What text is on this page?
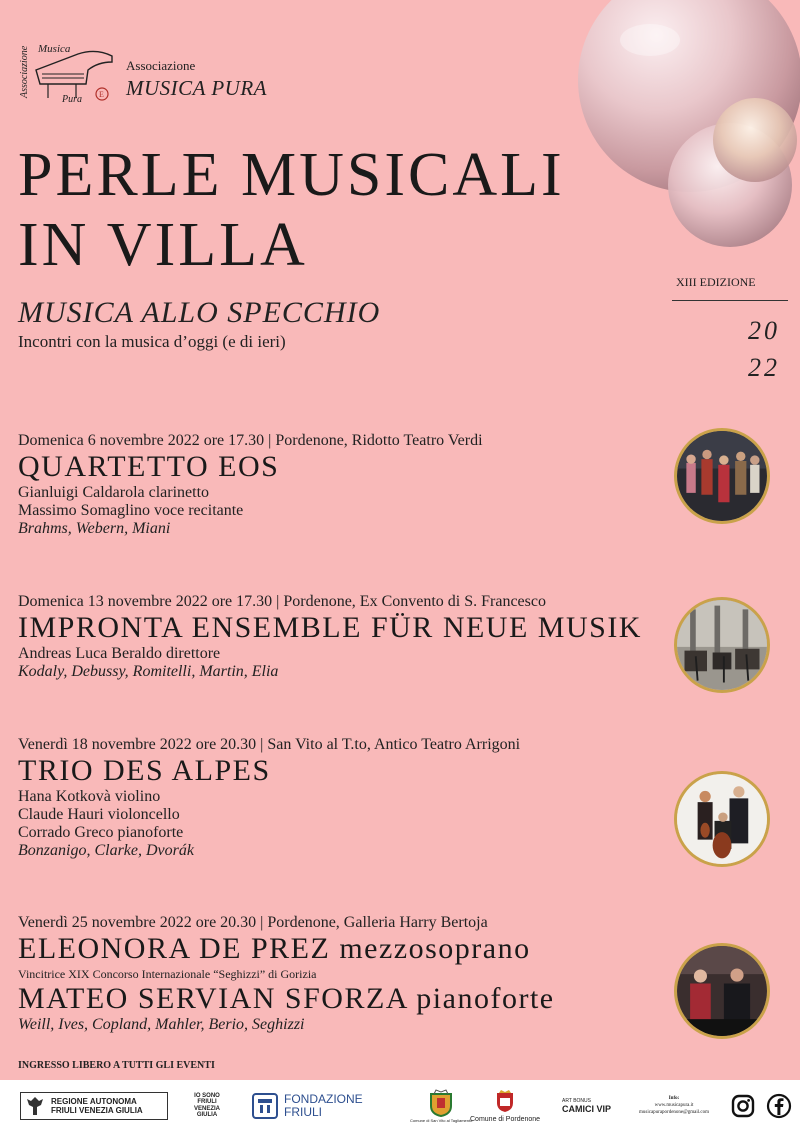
Associazione Musica
Pura E
Associazione
MUSICA PURA
PERLE MUSICALI
IN VILLA
MUSICA ALLO SPECCHIO
Incontri con la musica d’oggi (e di ieri)
XIII EDIZIONE
20
22
Domenica 6 novembre 2022 ore 17.30 | Pordenone, Ridotto Teatro Verdi
QUARTETTO EOS
Gianluigi Caldarola clarinetto
Massimo Somaglino voce recitante
Brahms, Webern, Miani
Domenica 13 novembre 2022 ore 17.30 | Pordenone, Ex Convento di S. Francesco
IMPRONTA ENSEMBLE FÜR NEUE MUSIK
Andreas Luca Beraldo direttore
Kodaly, Debussy, Romitelli, Martin, Elia
Venerdì 18 novembre 2022 ore 20.30 | San Vito al T.to, Antico Teatro Arrigoni
TRIO DES ALPES
Hana Kotkovà violino
Claude Hauri violoncello
Corrado Greco pianoforte
Bonzanigo, Clarke, Dvorák
Venerdì 25 novembre 2022 ore 20.30 | Pordenone, Galleria Harry Bertoja
ELEONORA DE PREZ mezzosoprano
Vincitrice XIX Concorso Internazionale “Seghizzi” di Gorizia
MATEO SERVIAN SFORZA pianoforte
Weill, Ives, Copland, Mahler, Berio, Seghizzi
INGRESSO LIBERO A TUTTI GLI EVENTI
REGIONE AUTONOMA
FRIULI VENEZIA GIULIA
IO SONO
FRIULI
VENEZIA
GIULIA
FONDAZIONE
FRIULI
Comune di San Vito al Tagliamento
Comune di Pordenone
ART BONUS
CAMICI VIP
Info:
www.musicapura.it
musicapurapordenone@gmail.com
